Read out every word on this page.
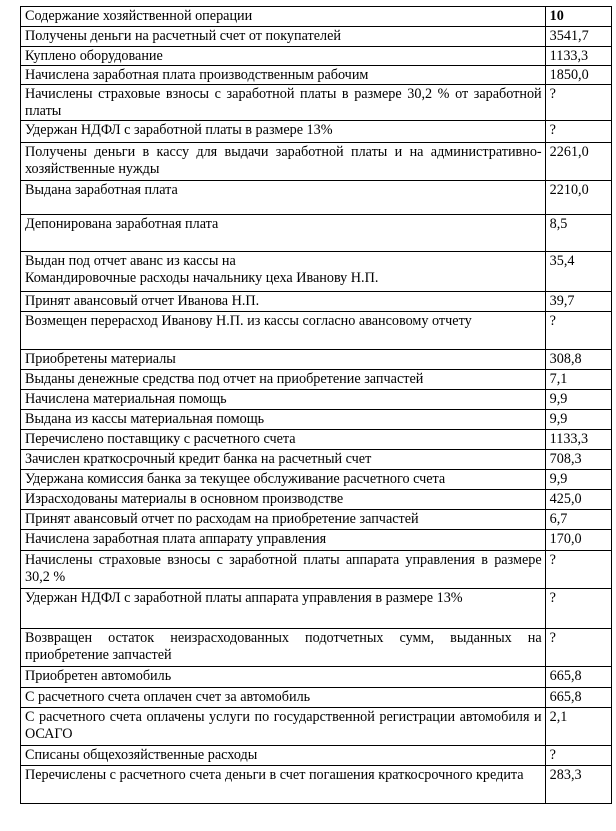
Содержание хозяйственной операции	10
Получены деньги на расчетный счет от покупателей	3541,7
Куплено оборудование	1133,3
Начислена заработная плата производственным рабочим	1850,0
Начислены страховые взносы с заработной платы в размере 30,2 % от заработной платы	?
Удержан НДФЛ с заработной платы в размере 13%	?
Получены деньги в кассу для выдачи заработной платы и на административно-хозяйственные нужды	2261,0
Выдана заработная плата	2210,0
Депонирована заработная плата	8,5

Выдан под отчет аванс из кассы на
Командировочные расходы начальнику цеха Иванову Н.П.	35,4
Принят авансовый отчет Иванова Н.П.	39,7
Возмещен перерасход Иванову Н.П. из кассы согласно авансовому отчету	?
Приобретены материалы	308,8
Выданы денежные средства под отчет на приобретение запчастей	7,1
Начислена материальная помощь	9,9
Выдана из кассы материальная помощь	9,9
Перечислено поставщику с расчетного счета	1133,3
Зачислен краткосрочный кредит банка на расчетный счет	708,3
Удержана комиссия банка за текущее обслуживание расчетного счета	9,9
Израсходованы материалы в основном производстве	425,0
Принят авансовый отчет по расходам на приобретение запчастей	6,7
Начислена заработная плата аппарату управления	170,0
Начислены страховые взносы с заработной платы аппарата управления в размере 30,2 %	?
Удержан НДФЛ с заработной платы аппарата управления в размере 13%	?
Возвращен остаток неизрасходованных подотчетных сумм, выданных на приобретение запчастей	?
Приобретен автомобиль	665,8
С расчетного счета оплачен счет за автомобиль	665,8
С расчетного счета оплачены услуги по государственной регистрации автомобиля и ОСАГО	2,1
Списаны общехозяйственные расходы	?
Перечислены с расчетного счета деньги в счет погашения краткосрочного кредита	283,3
